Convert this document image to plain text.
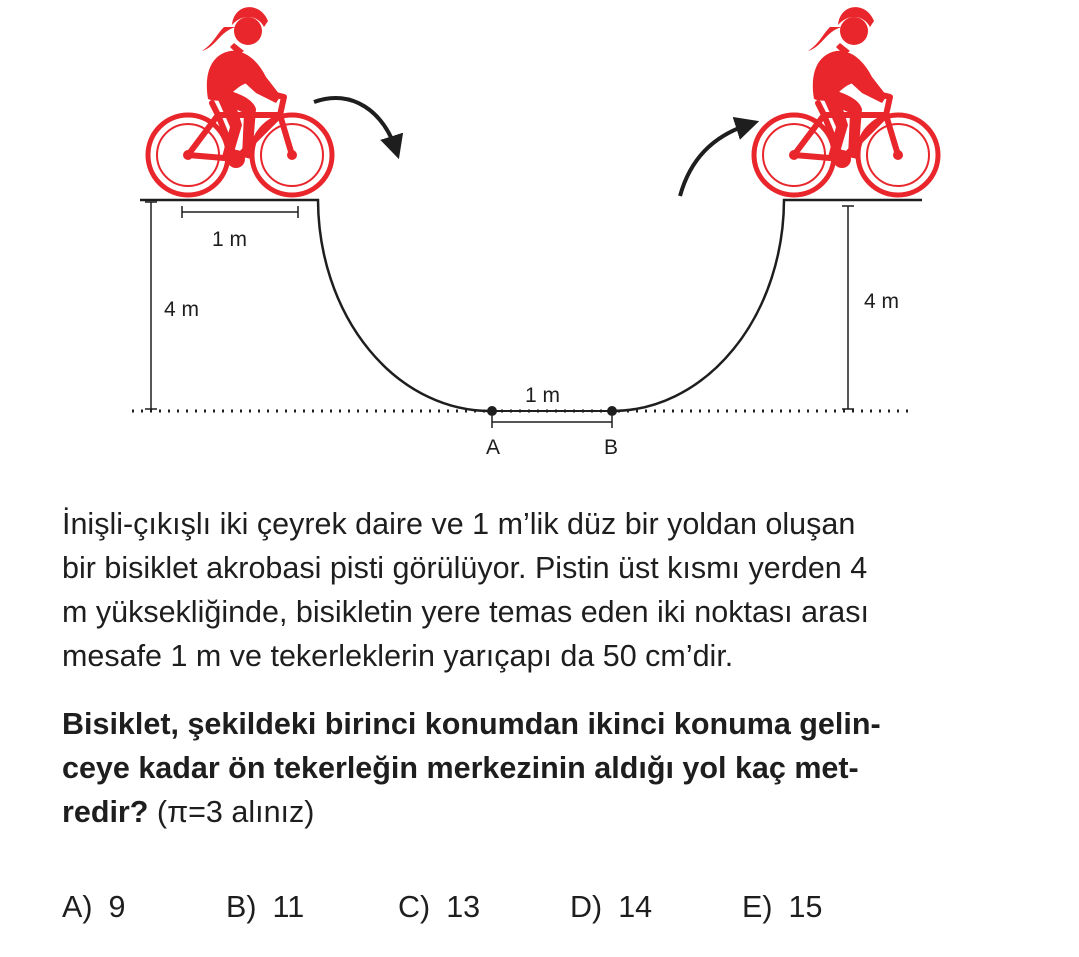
A	B
1 m
1 m
4 m	4 m
İnişli-çıkışlı iki çeyrek daire ve 1 m’lik düz bir yoldan oluşan
bir bisiklet akrobasi pisti görülüyor. Pistin üst kısmı yerden 4
m yüksekliğinde, bisikletin yere temas eden iki noktası arası
mesafe 1 m ve tekerleklerin yarıçapı da 50 cm’dir.
Bisiklet, şekildeki birinci konumdan ikinci konuma gelin-
ceye kadar ön tekerleğin merkezinin aldığı yol kaç met-
redir? (π=3 alınız)
A) 9	B) 11	C) 13	D) 14	E) 15
